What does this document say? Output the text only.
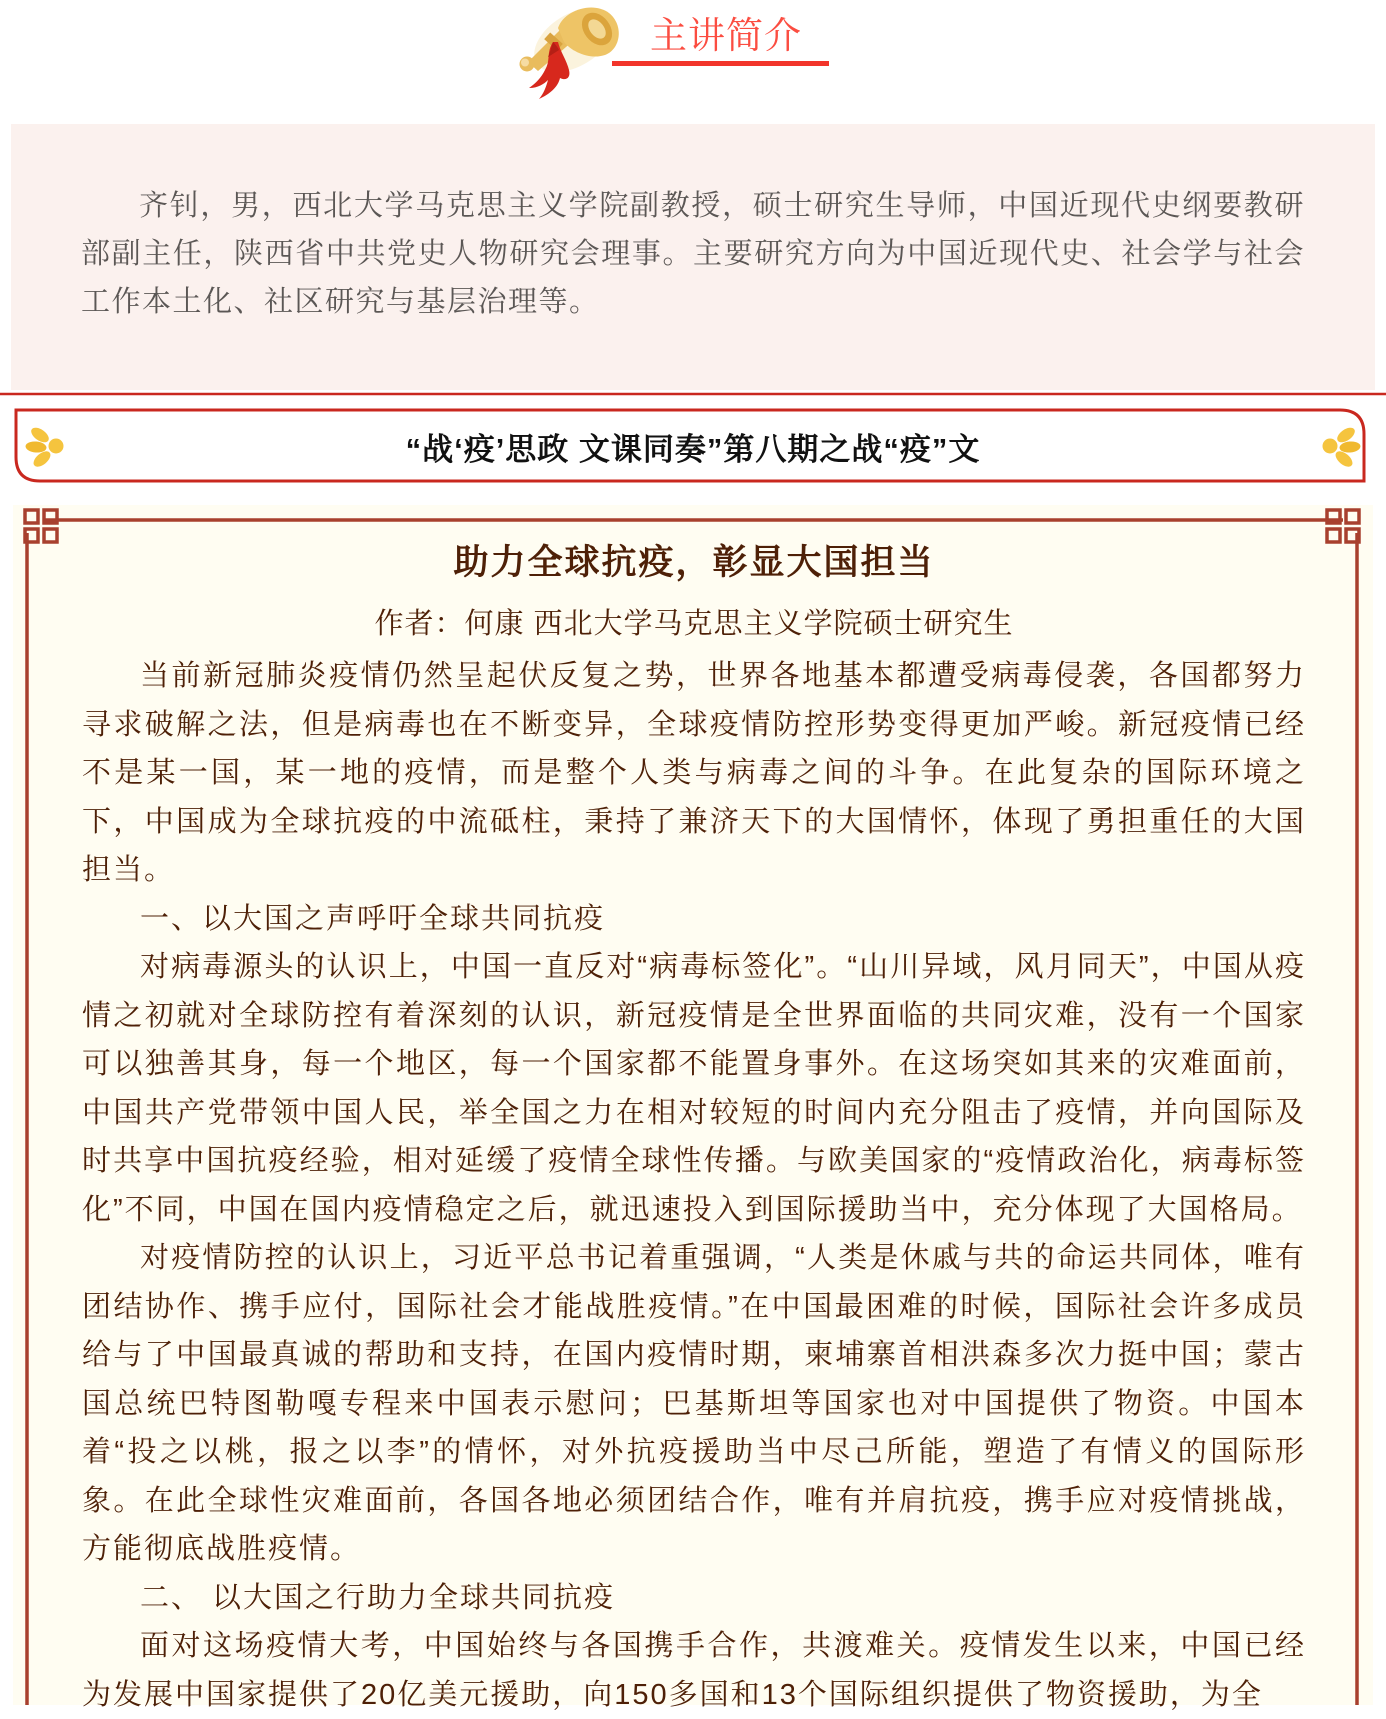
主讲简介

齐钊，男，西北大学马克思主义学院副教授，硕士研究生导师，中国近现代史纲要教研部副主任，陕西省中共党史人物研究会理事。主要研究方向为中国近现代史、社会学与社会工作本土化、社区研究与基层治理等。

“战‘疫’思政 文课同奏”第八期之战“疫”文
助力全球抗疫，彰显大国担当
作者：何康 西北大学马克思主义学院硕士研究生

当前新冠肺炎疫情仍然呈起伏反复之势，世界各地基本都遭受病毒侵袭，各国都努力寻求破解之法，但是病毒也在不断变异，全球疫情防控形势变得更加严峻。新冠疫情已经不是某一国，某一地的疫情，而是整个人类与病毒之间的斗争。在此复杂的国际环境之下，中国成为全球抗疫的中流砥柱，秉持了兼济天下的大国情怀，体现了勇担重任的大国担当。

一、以大国之声呼吁全球共同抗疫

对病毒源头的认识上，中国一直反对“病毒标签化”。“山川异域，风月同天”，中国从疫情之初就对全球防控有着深刻的认识，新冠疫情是全世界面临的共同灾难，没有一个国家可以独善其身，每一个地区，每一个国家都不能置身事外。在这场突如其来的灾难面前，中国共产党带领中国人民，举全国之力在相对较短的时间内充分阻击了疫情，并向国际及时共享中国抗疫经验，相对延缓了疫情全球性传播。与欧美国家的“疫情政治化，病毒标签化”不同，中国在国内疫情稳定之后，就迅速投入到国际援助当中，充分体现了大国格局。

对疫情防控的认识上，习近平总书记着重强调，“人类是休戚与共的命运共同体，唯有团结协作、携手应付，国际社会才能战胜疫情。”在中国最困难的时候，国际社会许多成员给与了中国最真诚的帮助和支持，在国内疫情时期，柬埔寨首相洪森多次力挺中国；蒙古国总统巴特图勒嘎专程来中国表示慰问；巴基斯坦等国家也对中国提供了物资。中国本着“投之以桃，报之以李”的情怀，对外抗疫援助当中尽己所能，塑造了有情义的国际形象。在此全球性灾难面前，各国各地必须团结合作，唯有并肩抗疫，携手应对疫情挑战，方能彻底战胜疫情。

二、 以大国之行助力全球共同抗疫

面对这场疫情大考，中国始终与各国携手合作，共渡难关。疫情发生以来，中国已经为发展中国家提供了20亿美元援助，向150多国和13个国际组织提供了物资援助，为全
